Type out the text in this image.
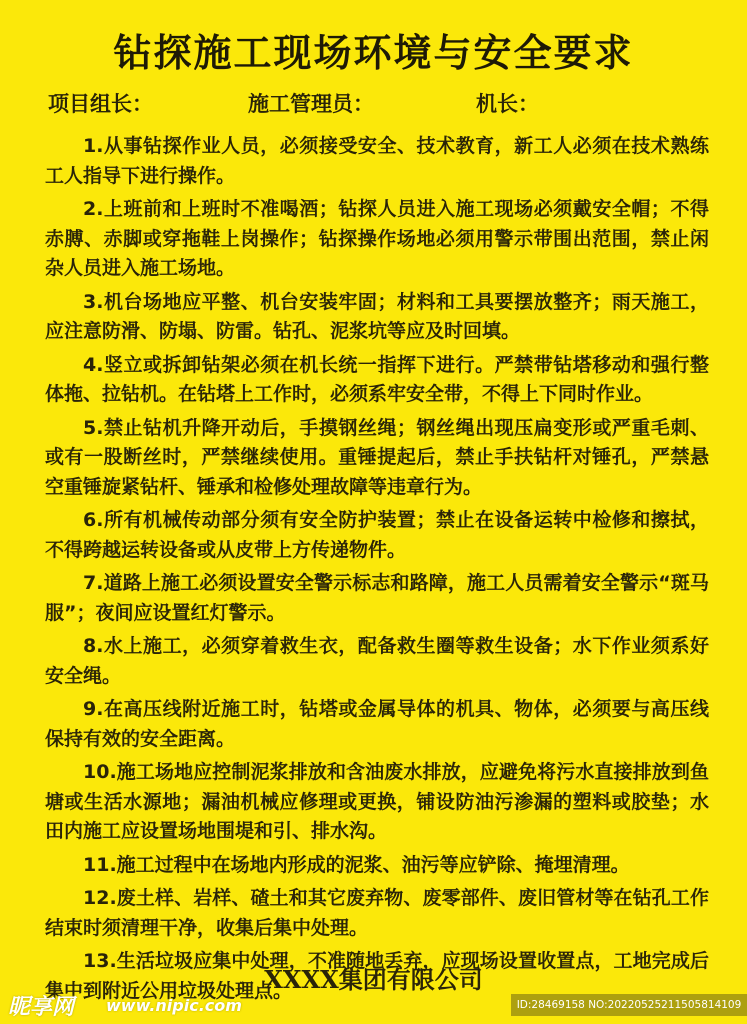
钻探施工现场环境与安全要求
项目组长：	施工管理员：	机长：

1.从事钻探作业人员，必须接受安全、技术教育，新工人必须在技术熟练工人指导下进行操作。

2.上班前和上班时不准喝酒；钻探人员进入施工现场必须戴安全帽；不得赤膊、赤脚或穿拖鞋上岗操作；钻探操作场地必须用警示带围出范围，禁止闲杂人员进入施工场地。

3.机台场地应平整、机台安装牢固；材料和工具要摆放整齐；雨天施工，应注意防滑、防塌、防雷。钻孔、泥浆坑等应及时回填。

4.竖立或拆卸钻架必须在机长统一指挥下进行。严禁带钻塔移动和强行整体拖、拉钻机。在钻塔上工作时，必须系牢安全带，不得上下同时作业。

5.禁止钻机升降开动后，手摸钢丝绳；钢丝绳出现压扁变形或严重毛刺、或有一股断丝时，严禁继续使用。重锤提起后，禁止手扶钻杆对锤孔，严禁悬空重锤旋紧钻杆、锤承和检修处理故障等违章行为。

6.所有机械传动部分须有安全防护装置；禁止在设备运转中检修和擦拭，不得跨越运转设备或从皮带上方传递物件。

7.道路上施工必须设置安全警示标志和路障，施工人员需着安全警示“斑马服”；夜间应设置红灯警示。

8.水上施工，必须穿着救生衣，配备救生圈等救生设备；水下作业须系好安全绳。

9.在高压线附近施工时，钻塔或金属导体的机具、物体，必须要与高压线保持有效的安全距离。

10.施工场地应控制泥浆排放和含油废水排放，应避免将污水直接排放到鱼塘或生活水源地；漏油机械应修理或更换，铺设防油污渗漏的塑料或胶垫；水田内施工应设置场地围堤和引、排水沟。

11.施工过程中在场地内形成的泥浆、油污等应铲除、掩埋清理。

12.废土样、岩样、碴土和其它废弃物、废零部件、废旧管材等在钻孔工作结束时须清理干净，收集后集中处理。

13.生活垃圾应集中处理，不准随地丢弃，应现场设置收置点，工地完成后集中到附近公用垃圾处理点。

XXXX集团有限公司
昵享网 www.nipic.com	ID:28469158 NO:20220525211505814109
